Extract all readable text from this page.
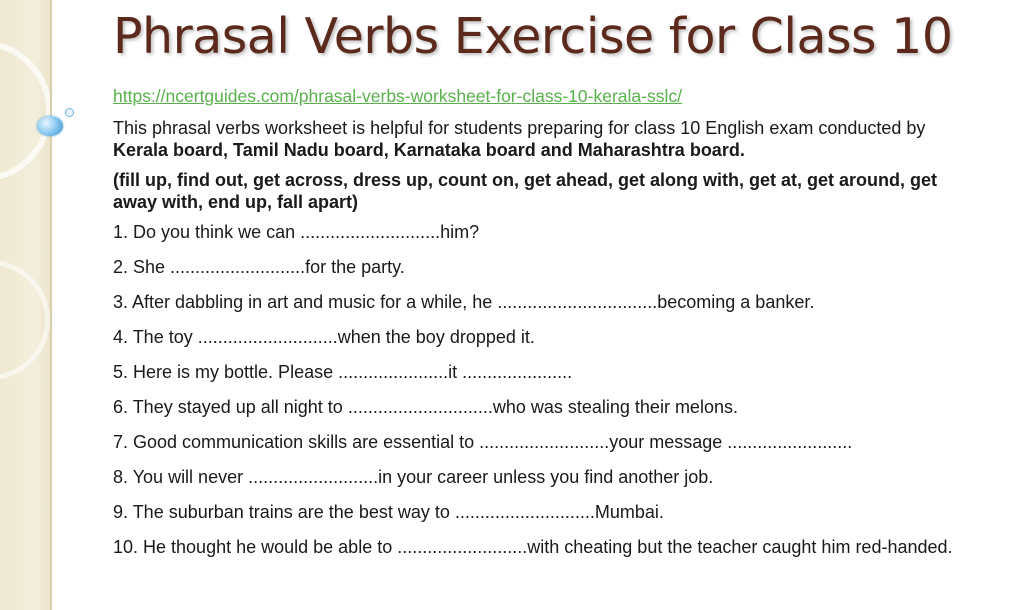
Phrasal Verbs Exercise for Class 10
https://ncertguides.com/phrasal-verbs-worksheet-for-class-10-kerala-sslc/

This phrasal verbs worksheet is helpful for students preparing for class 10 English exam conducted by Kerala board, Tamil Nadu board, Karnataka board and Maharashtra board.

(fill up, find out, get across, dress up, count on, get ahead, get along with, get at, get around, get away with, end up, fall apart)

1. Do you think we can ............................him?

2. She ...........................for the party.

3. After dabbling in art and music for a while, he ................................becoming a banker.

4. The toy ............................when the boy dropped it.

5. Here is my bottle. Please ......................it ......................

6. They stayed up all night to .............................who was stealing their melons.

7. Good communication skills are essential to ..........................your message .........................

8. You will never ..........................in your career unless you find another job.

9. The suburban trains are the best way to ............................Mumbai.

10. He thought he would be able to ..........................with cheating but the teacher caught him red-handed.
